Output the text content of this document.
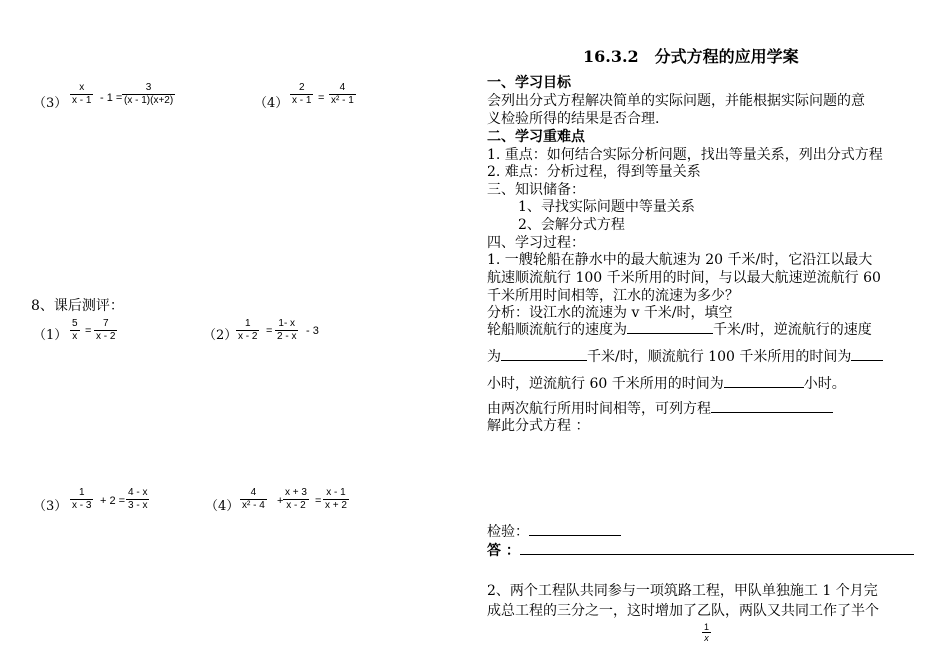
（3）
x
x - 1 - 1 =
3
(x - 1)(x+2)	（4）
2
x - 1 =
4
x² - 1
8、课后测评：
（1）
5
x =
7
x - 2	（2）
1
x - 2 =
1- x
2 - x - 3
（3）
1
x - 3 + 2 =
4 - x
3 - x	（4）
4
x² - 4 +
x + 3
x - 2 =
x - 1
x + 2
16.3.2　分式方程的应用学案
一、学习目标
会列出分式方程解决简单的实际问题，并能根据实际问题的意
义检验所得的结果是否合理.
二、学习重难点
1. 重点：如何结合实际分析问题，找出等量关系，列出分式方程
2. 难点：分析过程，得到等量关系
三、知识储备：
1、寻找实际问题中等量关系
2、会解分式方程
四、学习过程：
1. 一艘轮船在静水中的最大航速为 20 千米/时，它沿江以最大
航速顺流航行 100 千米所用的时间，与以最大航速逆流航行 60
千米所用时间相等，江水的流速为多少？
分析：设江水的流速为 v 千米/时，填空
轮船顺流航行的速度为	千米/时，逆流航行的速度
为	千米/时，顺流航行 100 千米所用的时间为
小时，逆流航行 60 千米所用的时间为	小时。
由两次航行所用时间相等，可列方程
解此分式方程 ：
检验：
答 ：
2、两个工程队共同参与一项筑路工程，甲队单独施工 1 个月完
成总工程的三分之一，这时增加了乙队，两队又共同工作了半个
1
x
